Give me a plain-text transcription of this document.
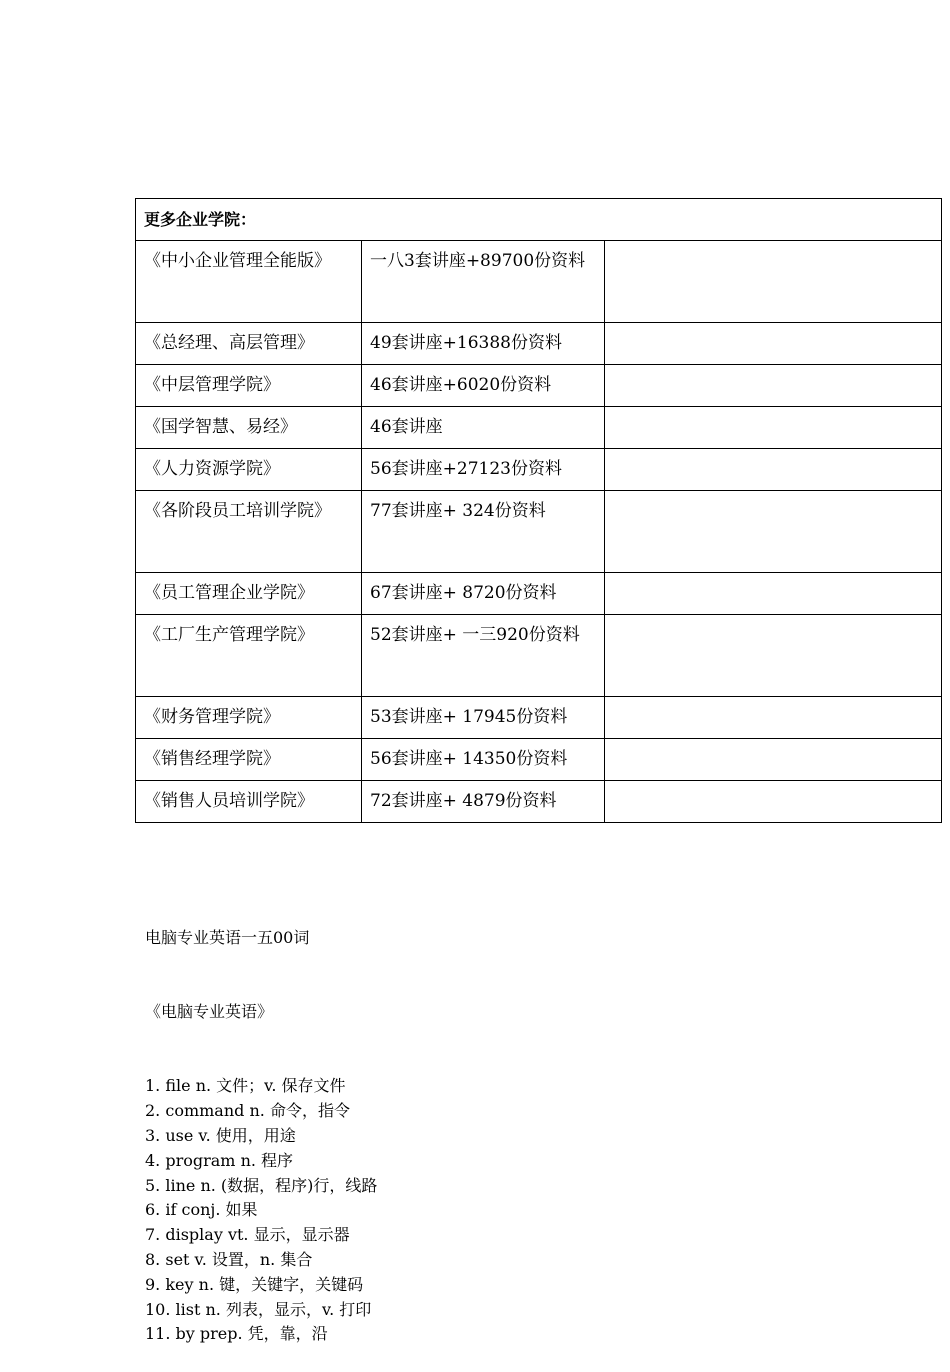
更多企业学院：		
《中小企业管理全能版》	一八3套讲座+89700份资料	
《总经理、高层管理》	49套讲座+16388份资料	
《中层管理学院》	46套讲座+6020份资料	
《国学智慧、易经》	46套讲座	
《人力资源学院》	56套讲座+27123份资料	
《各阶段员工培训学院》	77套讲座+ 324份资料	
《员工管理企业学院》	67套讲座+ 8720份资料	
《工厂生产管理学院》	52套讲座+ 一三920份资料	
《财务管理学院》	53套讲座+ 17945份资料	
《销售经理学院》	56套讲座+ 14350份资料	
《销售人员培训学院》	72套讲座+ 4879份资料	

电脑专业英语一五00词

《电脑专业英语》

1. file n. 文件；v. 保存文件
2. command n. 命令，指令
3. use v. 使用，用途
4. program n. 程序
5. line n. (数据，程序)行，线路
6. if conj. 如果
7. display vt. 显示，显示器
8. set v. 设置，n. 集合
9. key n. 键，关键字，关键码
10. list n. 列表，显示，v. 打印
11. by prep. 凭，靠，沿
